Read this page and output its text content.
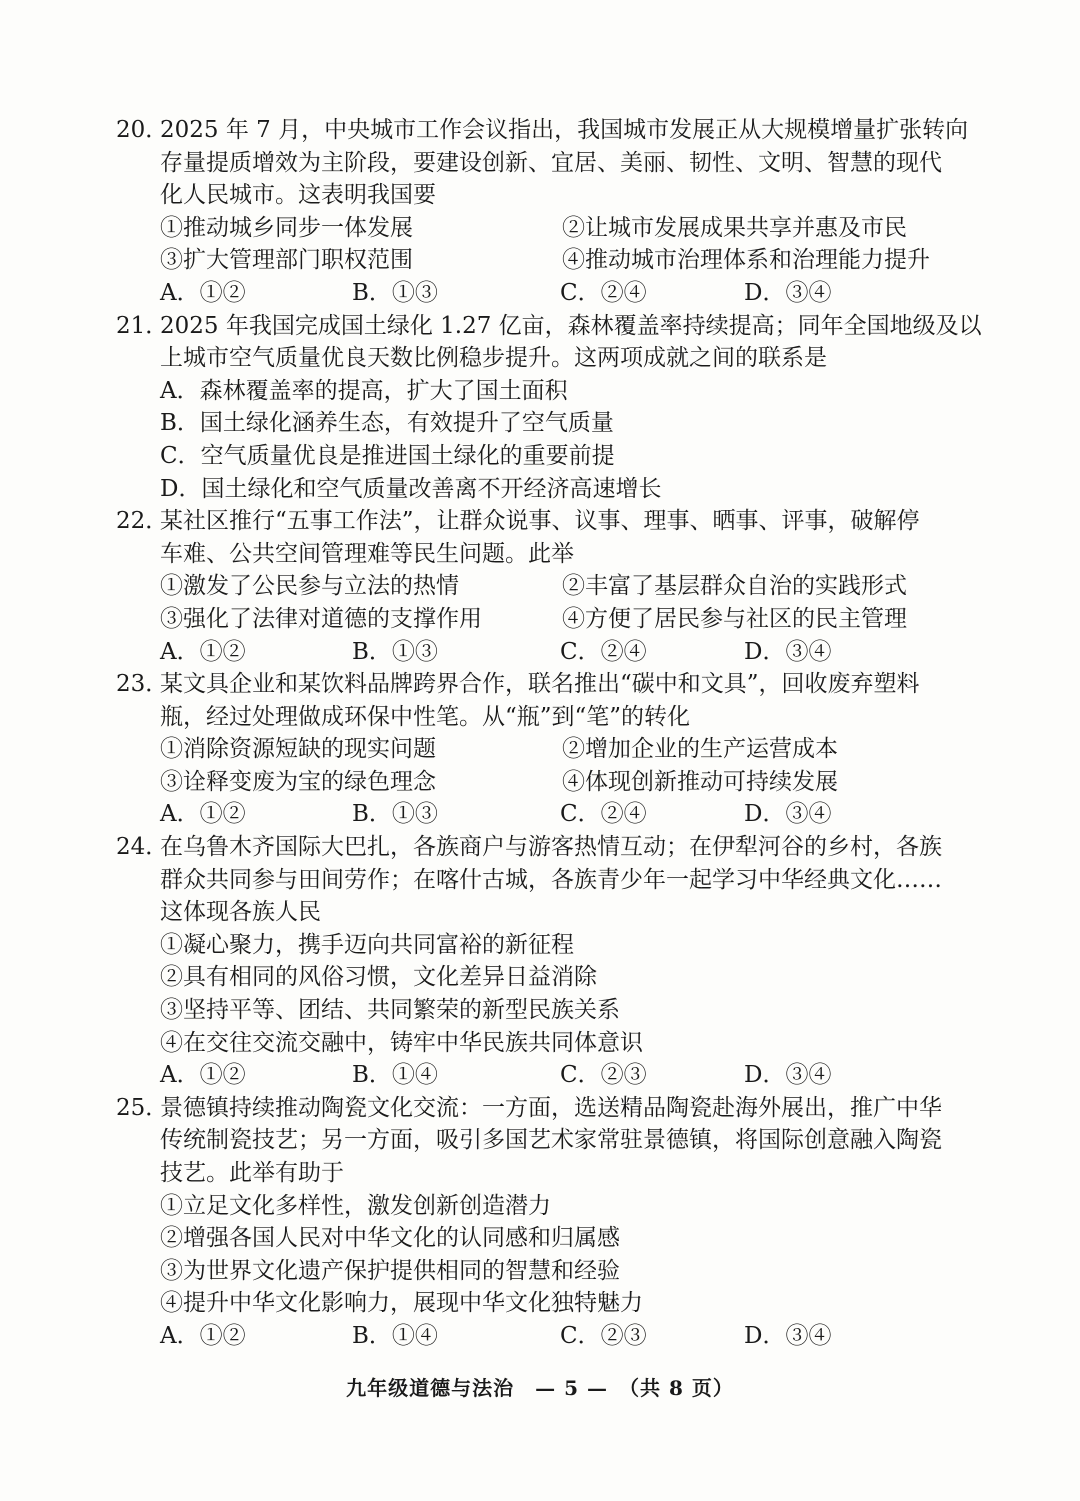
20．
2025 年 7 月，中央城市工作会议指出，我国城市发展正从大规模增量扩张转向
存量提质增效为主阶段，要建设创新、宜居、美丽、韧性、文明、智慧的现代
化人民城市。这表明我国要
①推动城乡同步一体发展	②让城市发展成果共享并惠及市民
③扩大管理部门职权范围	④推动城市治理体系和治理能力提升
A．①②	B．①③	C．②④	D．③④
21．
2025 年我国完成国土绿化 1.27 亿亩，森林覆盖率持续提高；同年全国地级及以
上城市空气质量优良天数比例稳步提升。这两项成就之间的联系是
A．森林覆盖率的提高，扩大了国土面积
B．国土绿化涵养生态，有效提升了空气质量
C．空气质量优良是推进国土绿化的重要前提
D．国土绿化和空气质量改善离不开经济高速增长
22．
某社区推行“五事工作法”，让群众说事、议事、理事、晒事、评事，破解停
车难、公共空间管理难等民生问题。此举
①激发了公民参与立法的热情	②丰富了基层群众自治的实践形式
③强化了法律对道德的支撑作用	④方便了居民参与社区的民主管理
A．①②	B．①③	C．②④	D．③④
23．
某文具企业和某饮料品牌跨界合作，联名推出“碳中和文具”，回收废弃塑料
瓶，经过处理做成环保中性笔。从“瓶”到“笔”的转化
①消除资源短缺的现实问题	②增加企业的生产运营成本
③诠释变废为宝的绿色理念	④体现创新推动可持续发展
A．①②	B．①③	C．②④	D．③④
24．
在乌鲁木齐国际大巴扎，各族商户与游客热情互动；在伊犁河谷的乡村，各族
群众共同参与田间劳作；在喀什古城，各族青少年一起学习中华经典文化……
这体现各族人民
①凝心聚力，携手迈向共同富裕的新征程
②具有相同的风俗习惯，文化差异日益消除
③坚持平等、团结、共同繁荣的新型民族关系
④在交往交流交融中，铸牢中华民族共同体意识
A．①②	B．①④	C．②③	D．③④
25．
景德镇持续推动陶瓷文化交流：一方面，选送精品陶瓷赴海外展出，推广中华
传统制瓷技艺；另一方面，吸引多国艺术家常驻景德镇，将国际创意融入陶瓷
技艺。此举有助于
①立足文化多样性，激发创新创造潜力
②增强各国人民对中华文化的认同感和归属感
③为世界文化遗产保护提供相同的智慧和经验
④提升中华文化影响力，展现中华文化独特魅力
A．①②	B．①④	C．②③	D．③④
九年级道德与法治　— 5 —　（共 8 页）
